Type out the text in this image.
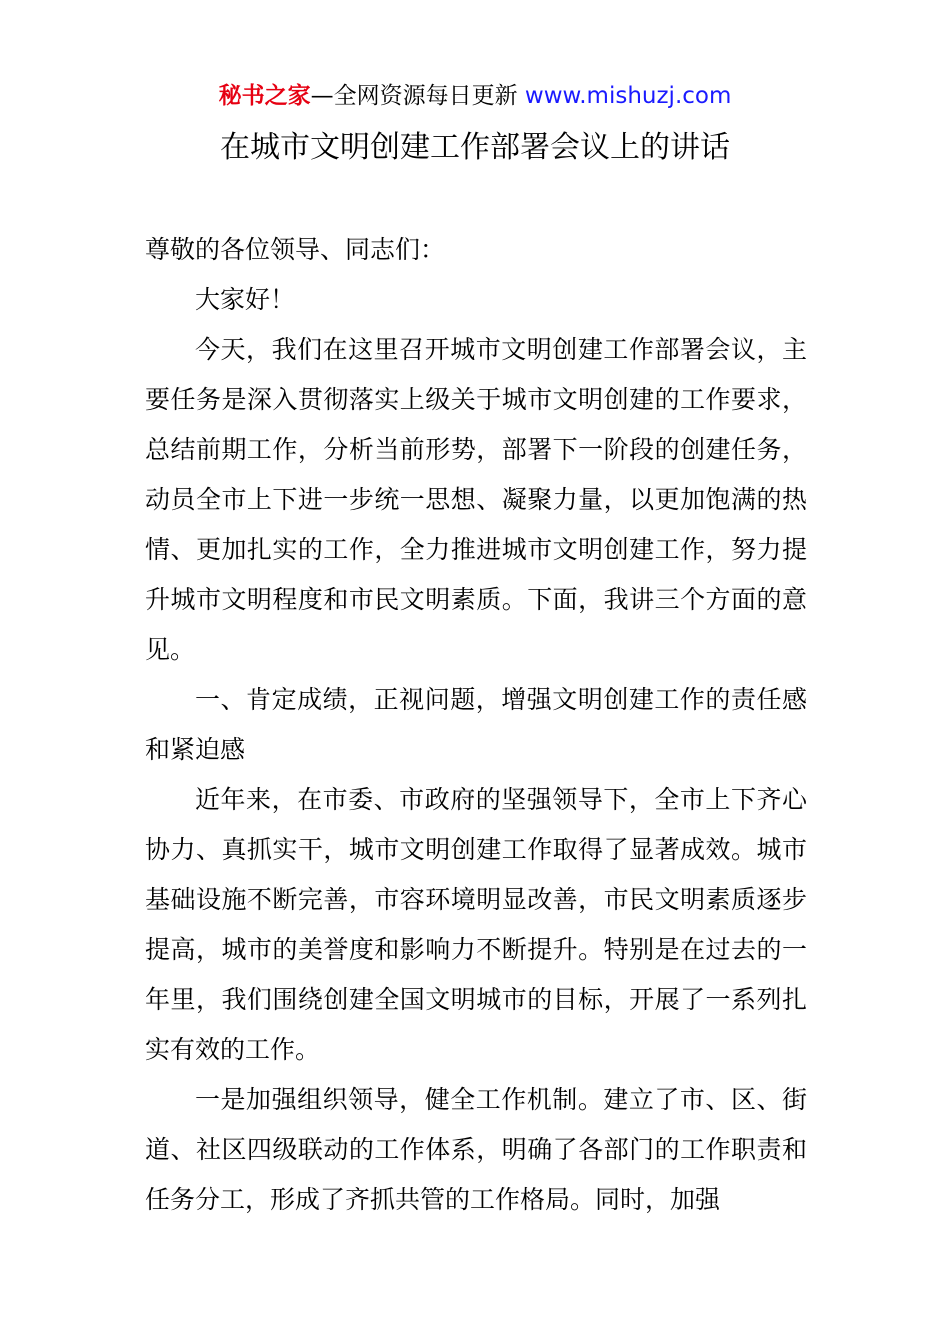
秘书之家—全网资源每日更新 www.mishuzj.com
在城市文明创建工作部署会议上的讲话

尊敬的各位领导、同志们：

大家好！

今天，我们在这里召开城市文明创建工作部署会议，主要任务是深入贯彻落实上级关于城市文明创建的工作要求，总结前期工作，分析当前形势，部署下一阶段的创建任务，动员全市上下进一步统一思想、凝聚力量，以更加饱满的热情、更加扎实的工作，全力推进城市文明创建工作，努力提升城市文明程度和市民文明素质。下面，我讲三个方面的意见。

一、肯定成绩，正视问题，增强文明创建工作的责任感和紧迫感

近年来，在市委、市政府的坚强领导下，全市上下齐心协力、真抓实干，城市文明创建工作取得了显著成效。城市基础设施不断完善，市容环境明显改善，市民文明素质逐步提高，城市的美誉度和影响力不断提升。特别是在过去的一年里，我们围绕创建全国文明城市的目标，开展了一系列扎实有效的工作。

一是加强组织领导，健全工作机制。建立了市、区、街道、社区四级联动的工作体系，明确了各部门的工作职责和任务分工，形成了齐抓共管的工作格局。同时，加强
